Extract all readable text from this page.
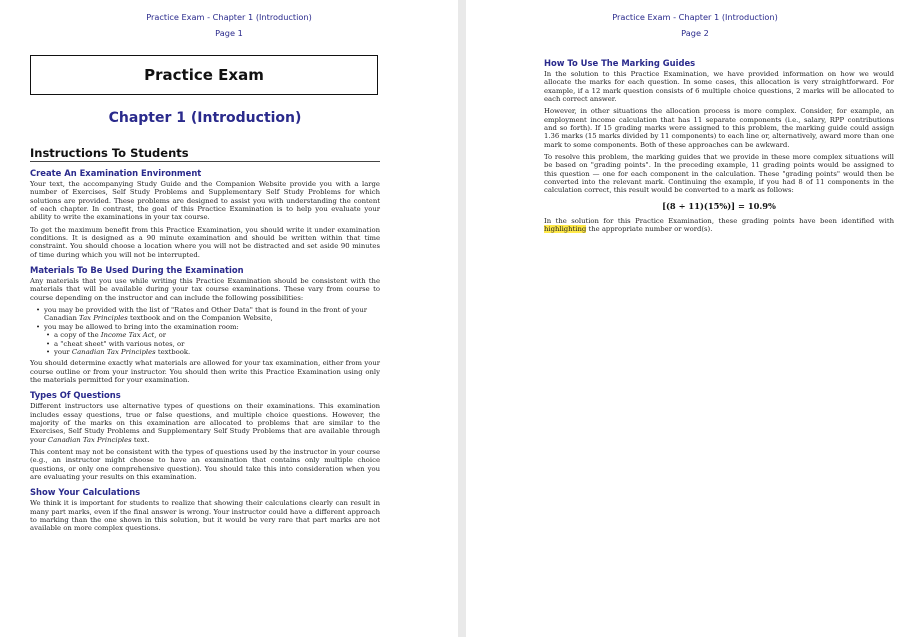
Practice Exam - Chapter 1 (Introduction)
Page 1
Practice Exam
Chapter 1 (Introduction)
Instructions To Students
Create An Examination Environment

Your text, the accompanying Study Guide and the Companion Website provide you with a large number of Exercises, Self Study Problems and Supplementary Self Study Problems for which solutions are provided. These problems are designed to assist you with understanding the content of each chapter. In contrast, the goal of this Practice Examination is to help you evaluate your ability to write the examinations in your tax course.

To get the maximum benefit from this Practice Examination, you should write it under examination conditions. It is designed as a 90 minute examination and should be written within that time constraint. You should choose a location where you will not be distracted and set aside 90 minutes of time during which you will not be interrupted.

Materials To Be Used During the Examination

Any materials that you use while writing this Practice Examination should be consistent with the materials that will be available during your tax course examinations. These vary from course to course depending on the instructor and can include the following possibilities:

• you may be provided with the list of "Rates and Other Data" that is found in the front of your Canadian Tax Principles textbook and on the Companion Website,
• you may be allowed to bring into the examination room:
• a copy of the Income Tax Act, or
• a "cheat sheet" with various notes, or
• your Canadian Tax Principles textbook.

You should determine exactly what materials are allowed for your tax examination, either from your course outline or from your instructor. You should then write this Practice Examination using only the materials permitted for your examination.

Types Of Questions

Different instructors use alternative types of questions on their examinations. This examination includes essay questions, true or false questions, and multiple choice questions. However, the majority of the marks on this examination are allocated to problems that are similar to the Exercises, Self Study Problems and Supplementary Self Study Problems that are available through your Canadian Tax Principles text.

This content may not be consistent with the types of questions used by the instructor in your course (e.g., an instructor might choose to have an examination that contains only multiple choice questions, or only one comprehensive question). You should take this into consideration when you are evaluating your results on this examination.

Show Your Calculations

We think it is important for students to realize that showing their calculations clearly can result in many part marks, even if the final answer is wrong. Your instructor could have a different approach to marking than the one shown in this solution, but it would be very rare that part marks are not available on more complex questions.

Practice Exam - Chapter 1 (Introduction)
Page 2
How To Use The Marking Guides

In the solution to this Practice Examination, we have provided information on how we would allocate the marks for each question. In some cases, this allocation is very straightforward. For example, if a 12 mark question consists of 6 multiple choice questions, 2 marks will be allocated to each correct answer.

However, in other situations the allocation process is more complex. Consider, for example, an employment income calculation that has 11 separate components (i.e., salary, RPP contributions and so forth). If 15 grading marks were assigned to this problem, the marking guide could assign 1.36 marks (15 marks divided by 11 components) to each line or, alternatively, award more than one mark to some components. Both of these approaches can be awkward.

To resolve this problem, the marking guides that we provide in these more complex situations will be based on "grading points". In the preceding example, 11 grading points would be assigned to this question — one for each component in the calculation. These "grading points" would then be converted into the relevant mark. Continuing the example, if you had 8 of 11 components in the calculation correct, this result would be converted to a mark as follows:

[(8 ÷ 11)(15%)] = 10.9%

In the solution for this Practice Examination, these grading points have been identified with highlighting the appropriate number or word(s).
